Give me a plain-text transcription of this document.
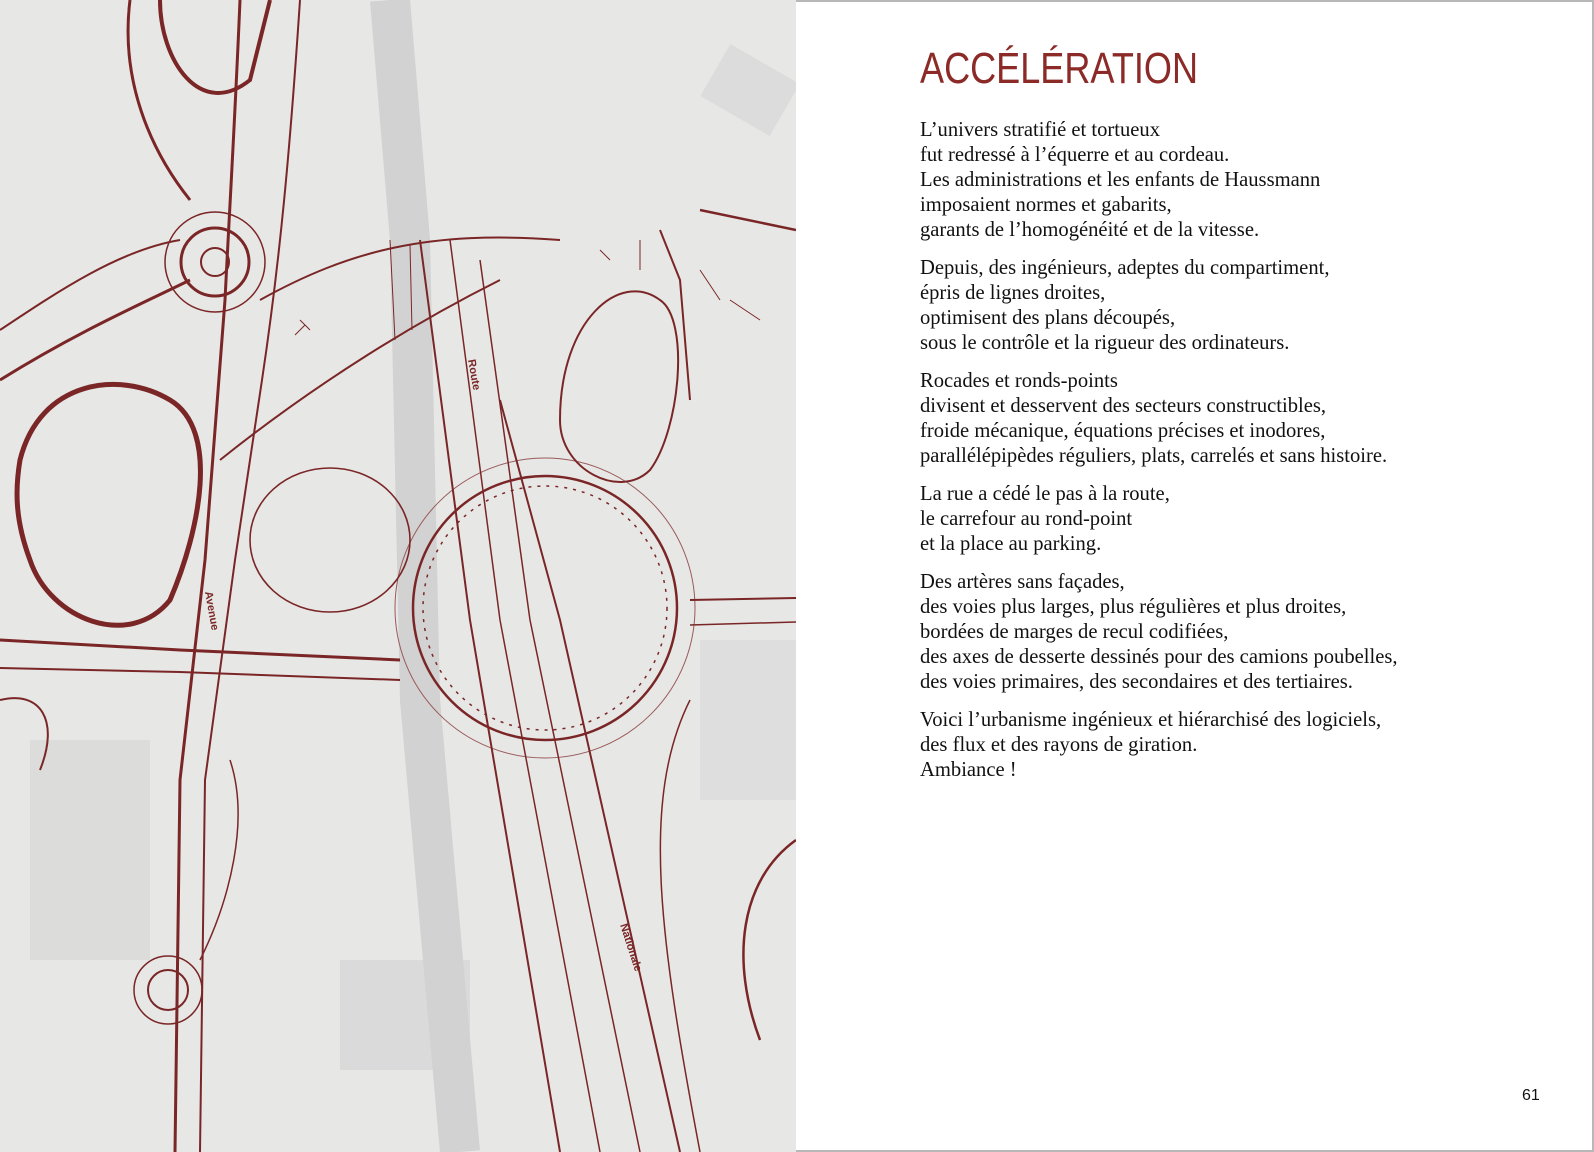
Route
Avenue
Nationale
ACCÉLÉRATION

L’univers stratifié et tortueux
fut redressé à l’équerre et au cordeau.
Les administrations et les enfants de Haussmann
imposaient normes et gabarits,
garants de l’homogénéité et de la vitesse.

Depuis, des ingénieurs, adeptes du compartiment,
épris de lignes droites,
optimisent des plans découpés,
sous le contrôle et la rigueur des ordinateurs.

Rocades et ronds-points
divisent et desservent des secteurs constructibles,
froide mécanique, équations précises et inodores,
parallélépipèdes réguliers, plats, carrelés et sans histoire.

La rue a cédé le pas à la route,
le carrefour au rond-point
et la place au parking.

Des artères sans façades,
des voies plus larges, plus régulières et plus droites,
bordées de marges de recul codifiées,
des axes de desserte dessinés pour des camions poubelles,
des voies primaires, des secondaires et des tertiaires.

Voici l’urbanisme ingénieux et hiérarchisé des logiciels,
des flux et des rayons de giration.
Ambiance !

61
